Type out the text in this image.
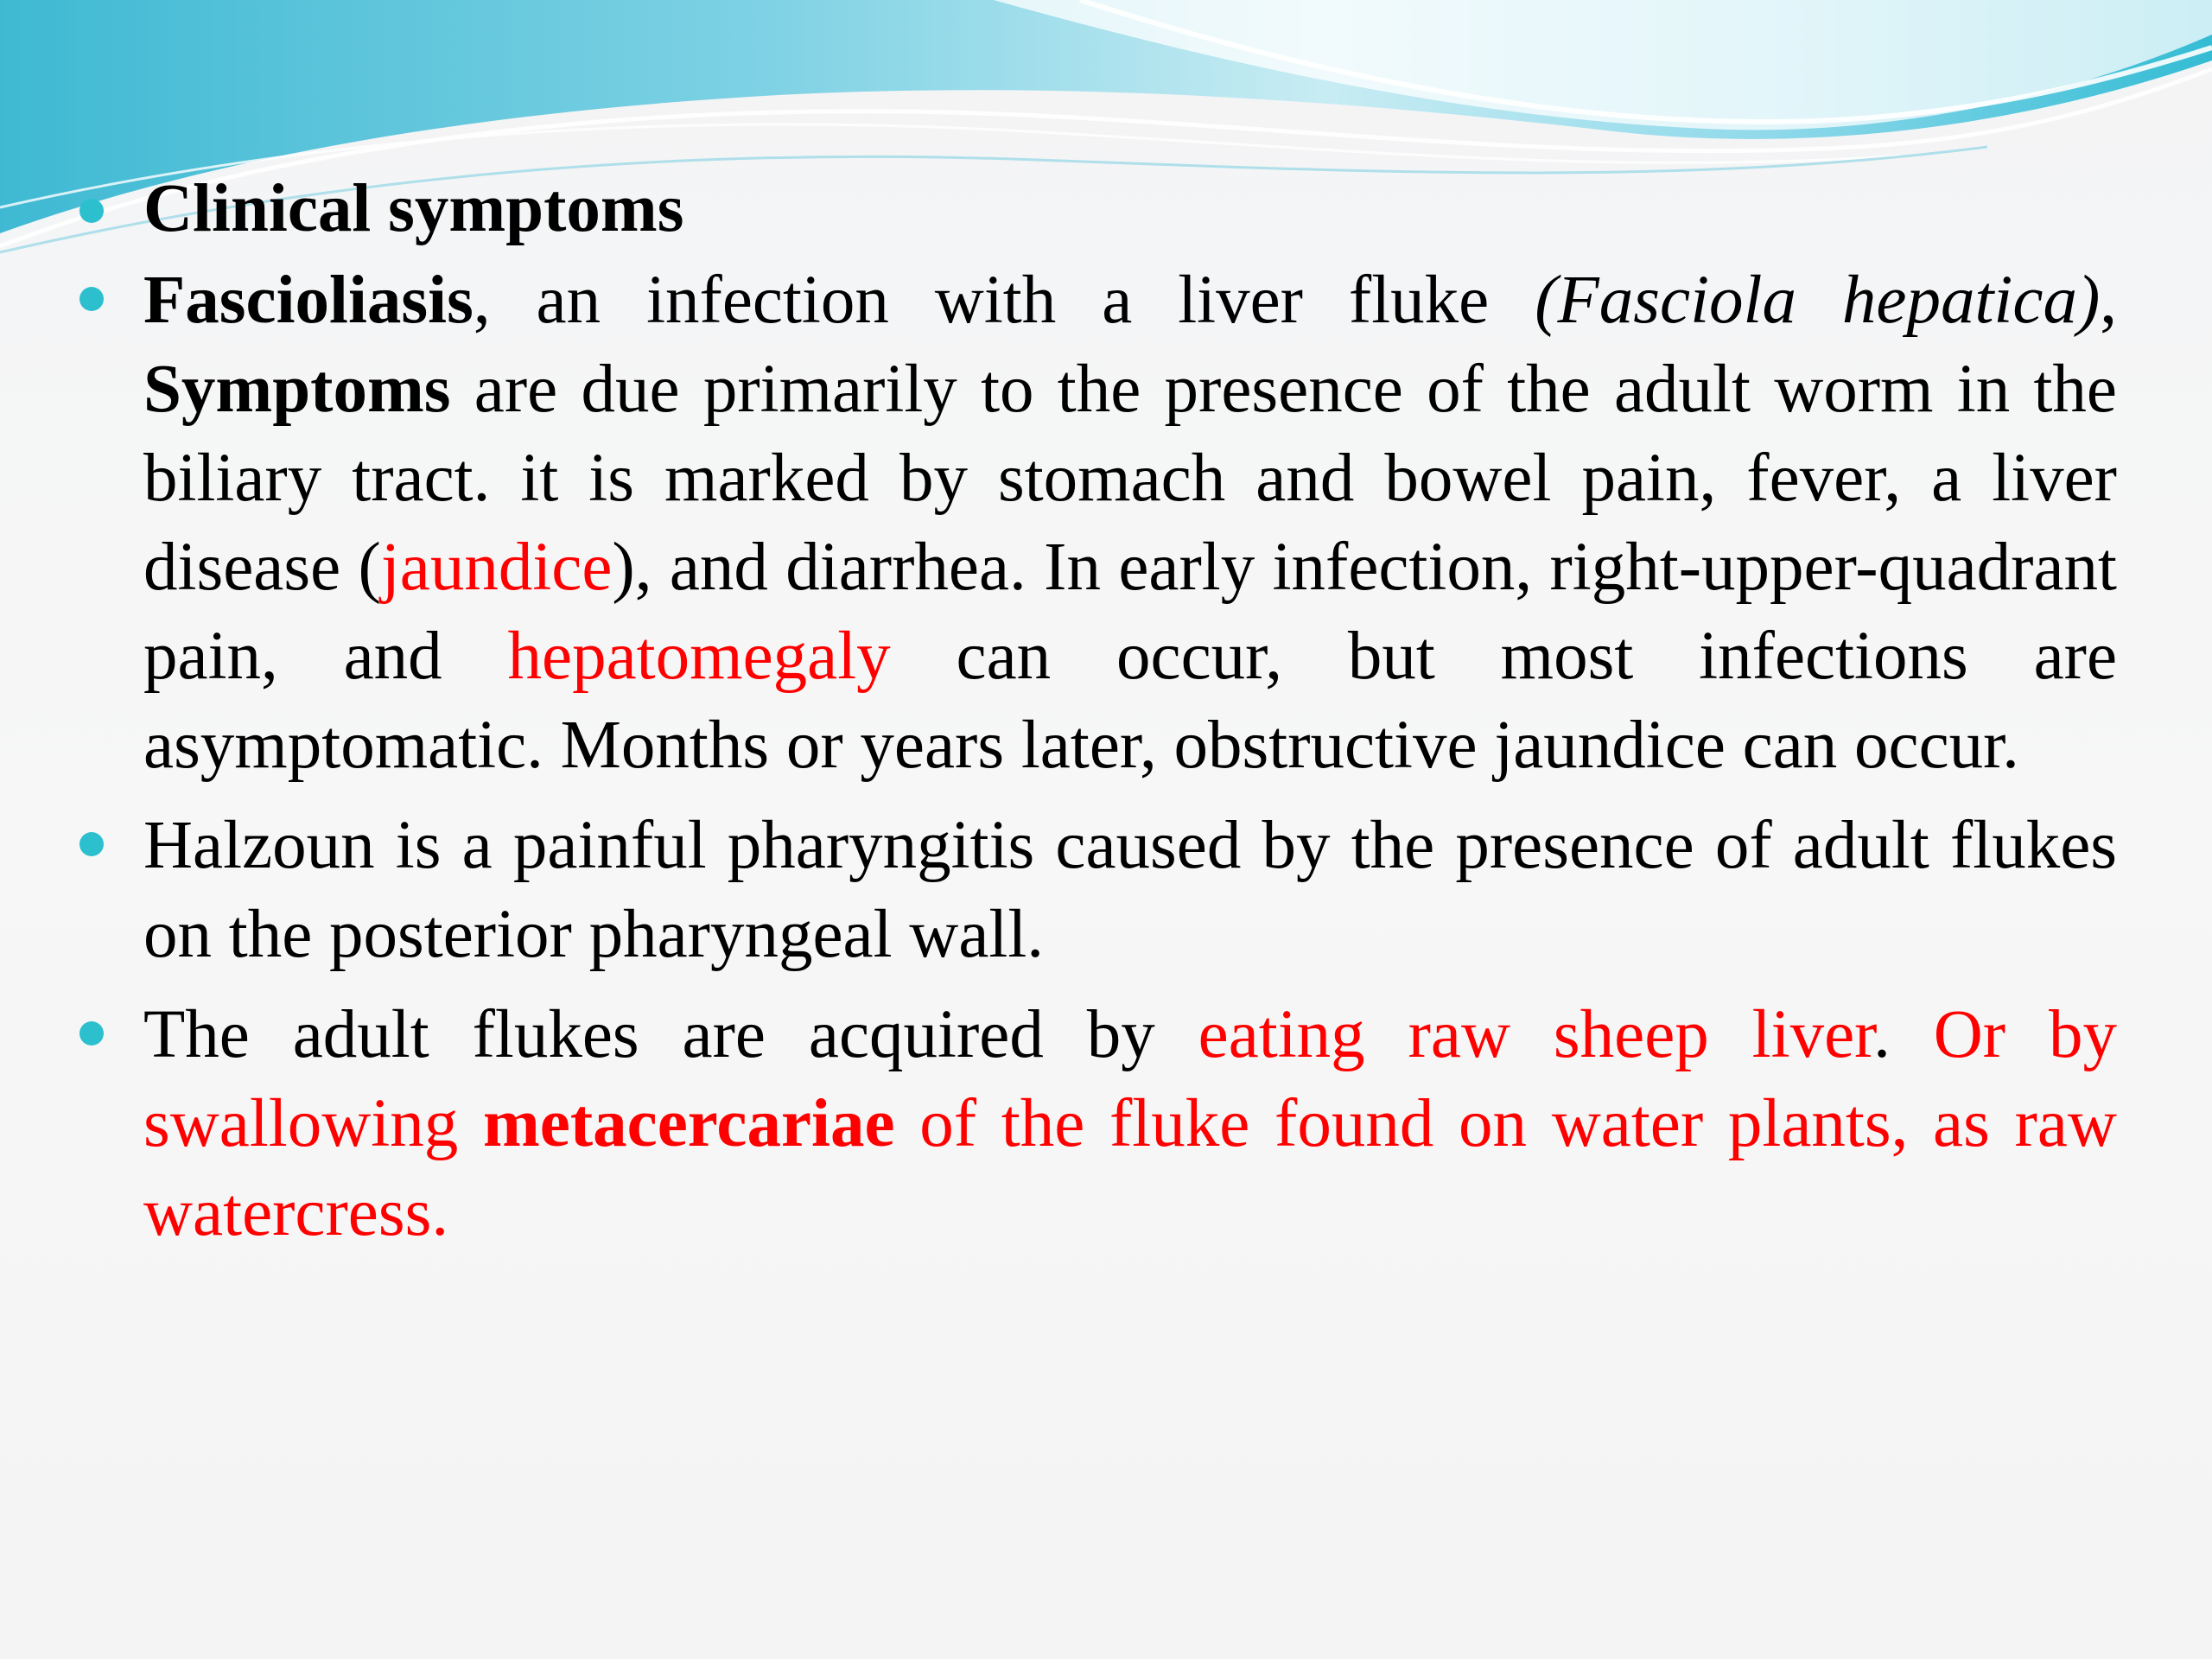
Clinical symptoms
Fascioliasis, an infection with a liver fluke (Fasciola hepatica), Symptoms are due primarily to the presence of the adult worm in the biliary tract. it is marked by stomach and bowel pain, fever, a liver disease (jaundice), and diarrhea. In early infection, right-upper-quadrant pain, and hepatomegaly can occur, but most infections are asymptomatic. Months or years later, obstructive jaundice can occur.
Halzoun is a painful pharyngitis caused by the presence of adult flukes on the posterior pharyngeal wall.
The adult flukes are acquired by eating raw sheep liver. Or by swallowing metacercariae of the fluke found on water plants, as raw watercress.
